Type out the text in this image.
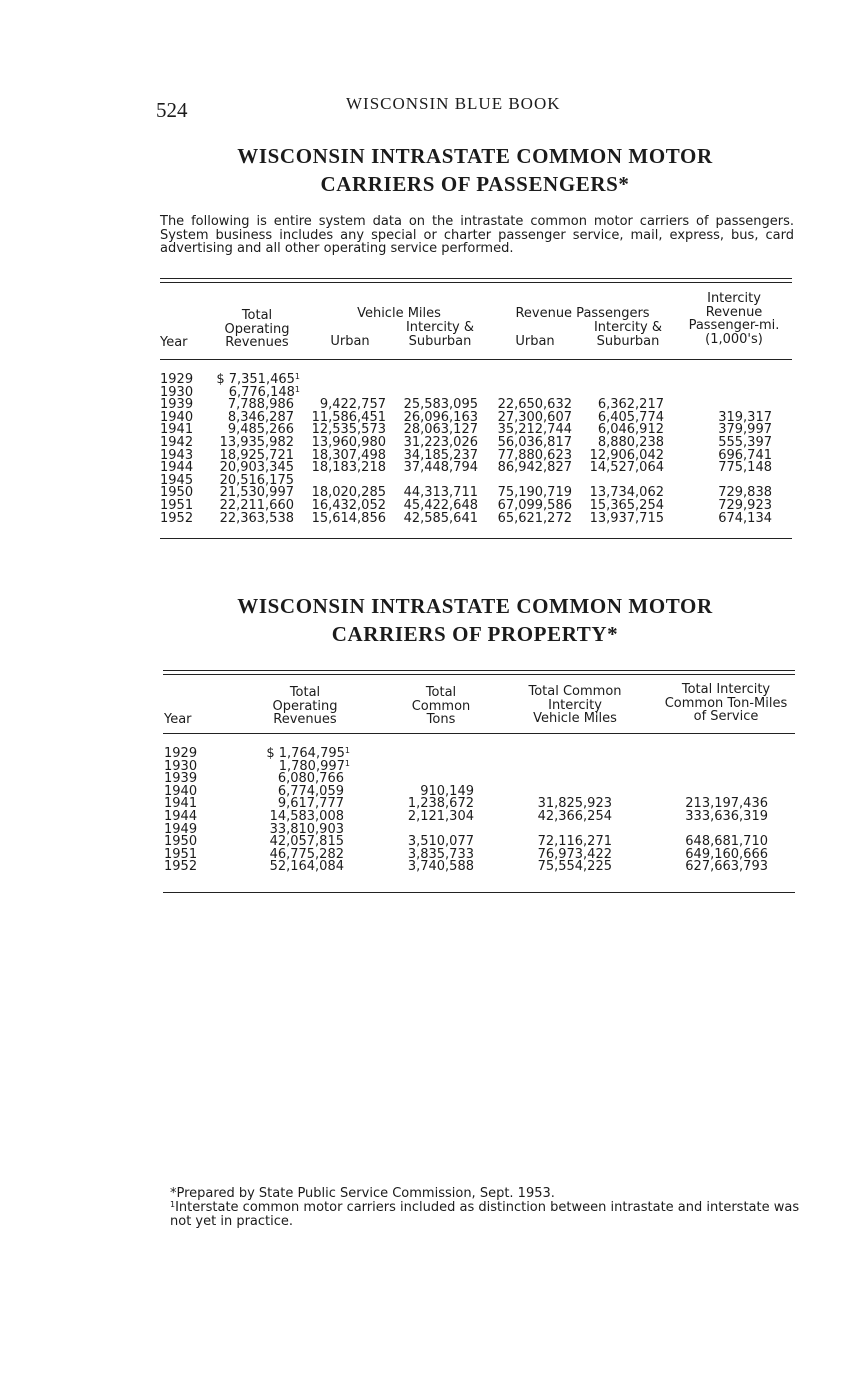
524	WISCONSIN BLUE BOOK
WISCONSIN INTRASTATE COMMON MOTOR
CARRIERS OF PASSENGERS*
The following is entire system data on the intrastate common motor carriers of passengers. System business includes any special or charter passenger service, mail, express, bus, card advertising and all other operating service performed.
Year
Total
Operating
Revenues
Vehicle Miles
Urban
Intercity &
Suburban
Revenue Passengers
Urban
Intercity &
Suburban
Intercity
Revenue
Passenger-mi.
(1,000's)
1929
1930
1939
1940
1941
1942
1943
1944
1945
1950
1951
1952
$ 7,351,465$^1$
6,776,148$^1$
7,788,986
8,346,287
9,485,266
13,935,982
18,925,721
20,903,345
20,516,175
21,530,997
22,211,660
22,363,538
9,422,757
11,586,451
12,535,573
13,960,980
18,307,498
18,183,218
18,020,285
16,432,052
15,614,856
25,583,095
26,096,163
28,063,127
31,223,026
34,185,237
37,448,794
44,313,711
45,422,648
42,585,641
22,650,632
27,300,607
35,212,744
56,036,817
77,880,623
86,942,827
75,190,719
67,099,586
65,621,272
6,362,217
6,405,774
6,046,912
8,880,238
12,906,042
14,527,064
13,734,062
15,365,254
13,937,715
319,317
379,997
555,397
696,741
775,148
729,838
729,923
674,134
WISCONSIN INTRASTATE COMMON MOTOR
CARRIERS OF PROPERTY*
Year
Total
Operating
Revenues
Total
Common
Tons
Total Common
Intercity
Vehicle Miles
Total Intercity
Common Ton-Miles
of Service
1929
1930
1939
1940
1941
1944
1949
1950
1951
1952
$ 1,764,795$^1$
1,780,997$^1$
6,080,766
6,774,059
9,617,777
14,583,008
33,810,903
42,057,815
46,775,282
52,164,084
910,149
1,238,672
2,121,304
3,510,077
3,835,733
3,740,588
31,825,923
42,366,254
72,116,271
76,973,422
75,554,225
213,197,436
333,636,319
648,681,710
649,160,666
627,663,793
*Prepared by State Public Service Commission, Sept. 1953.
$^1$Interstate common motor carriers included as distinction between intrastate and interstate was not yet in practice.
